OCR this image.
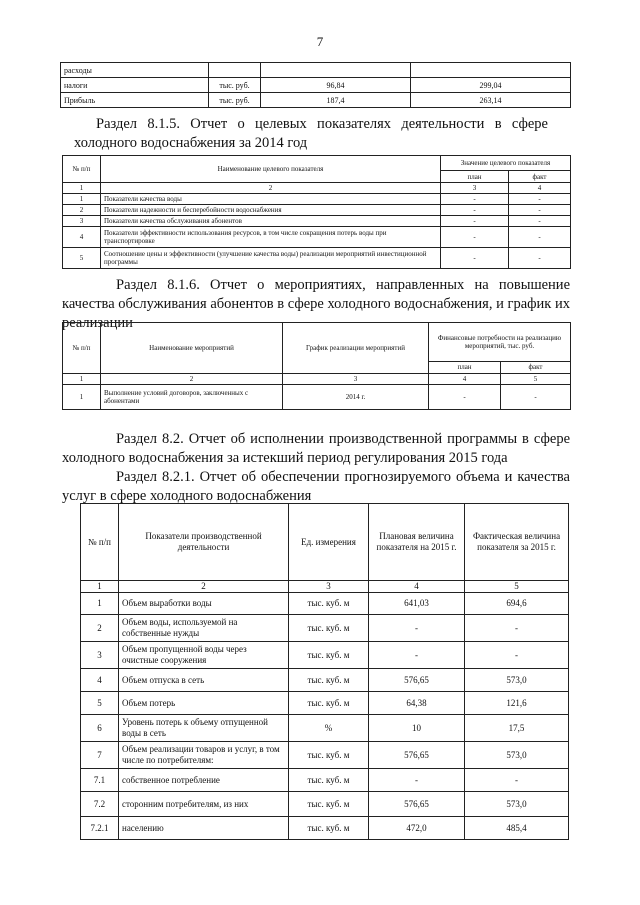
7
расходы			
налоги	тыс. руб.	96,84	299,04
Прибыль	тыс. руб.	187,4	263,14
Раздел 8.1.5. Отчет о целевых показателях деятельности в сфере холодного водоснабжения за 2014 год
№ п/п	Наименование целевого показателя	Значение целевого показателя	
		план	факт
1	2	3	4
1	Показатели качества воды	-	-
2	Показатели надежности и бесперебойности водоснабжения	-	-
3	Показатели качества обслуживания абонентов	-	-
4	Показатели эффективности использования ресурсов, в том числе сокращения потерь воды при транспортировке	-	-
5	Соотношение цены и эффективности (улучшение качества воды) реализации мероприятий инвестиционной программы	-	-
Раздел 8.1.6. Отчет о мероприятиях, направленных на повышение качества обслуживания абонентов в сфере холодного водоснабжения, и график их реализации
№ п/п	Наименование мероприятий	График реализации мероприятий	Финансовые потребности на реализацию мероприятий, тыс. руб.	
			план	факт
1	2	3	4	5
1	Выполнение условий договоров, заключенных с абонентами	2014 г.	-	-
Раздел 8.2. Отчет об исполнении производственной программы в сфере холодного водоснабжения за истекший период регулирования 2015 года
Раздел 8.2.1. Отчет об обеспечении прогнозируемого объема и качества услуг в сфере холодного водоснабжения
№ п/п	Показатели производственной деятельности	Ед. измерения	Плановая величина показателя на 2015 г.	Фактическая величина показателя за 2015 г.
1	2	3	4	5
1	Объем выработки воды	тыс. куб. м	641,03	694,6
2	Объем воды, используемой на собственные нужды	тыс. куб. м	-	-
3	Объем пропущенной воды через очистные сооружения	тыс. куб. м	-	-
4	Объем отпуска в сеть	тыс. куб. м	576,65	573,0
5	Объем потерь	тыс. куб. м	64,38	121,6
6	Уровень потерь к объему отпущенной воды в сеть	%	10	17,5
7	Объем реализации товаров и услуг, в том числе по потребителям:	тыс. куб. м	576,65	573,0
7.1	собственное потребление	тыс. куб. м	-	-
7.2	сторонним потребителям, из них	тыс. куб. м	576,65	573,0
7.2.1	населению	тыс. куб. м	472,0	485,4
